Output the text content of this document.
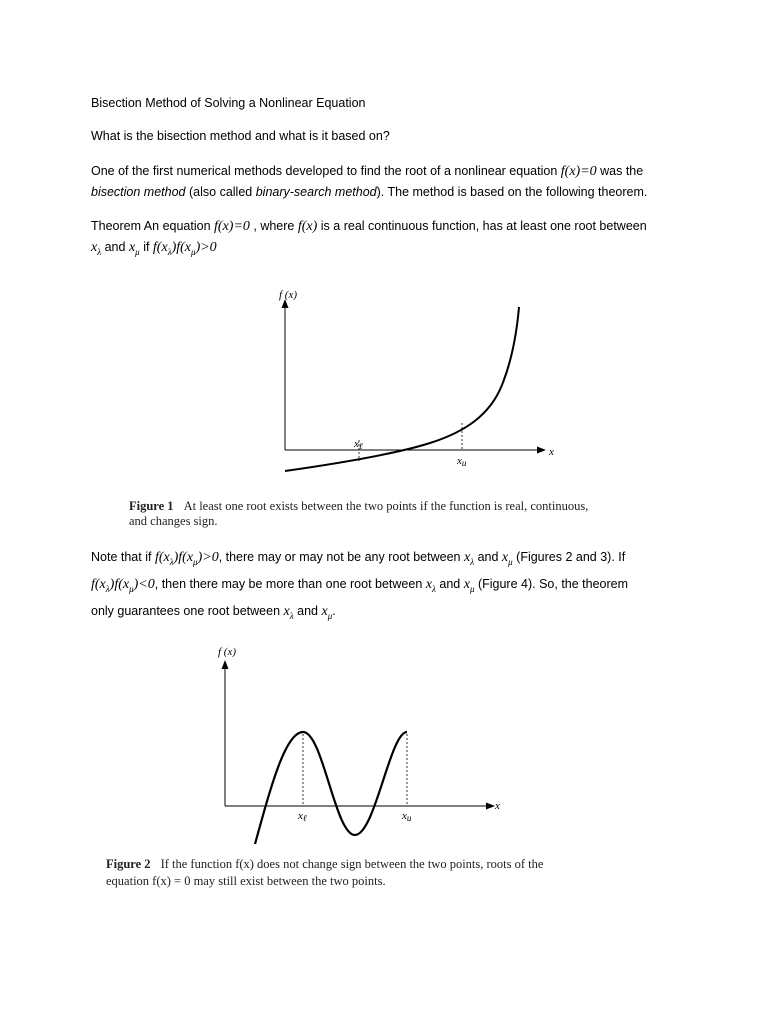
Bisection Method of Solving a Nonlinear Equation

What is the bisection method and what is it based on?

One of the first numerical methods developed to find the root of a nonlinear equation f(x)=0 was the
bisection method (also called binary-search method). The method is based on the following theorem.

Theorem An equation f(x)=0 , where f(x) is a real continuous function, has at least one root between
$x_\lambda$ and $x_\mu$ if $f(x_\lambda)f(x_\mu)>0$

f (x)
x
xℓ
xu
Figure 1 At least one root exists between the two points if the function is real, continuous,
and changes sign.

Note that if $f(x_\lambda)f(x_\mu)>0$, there may or may not be any root between $x_\lambda$ and $x_\mu$ (Figures 2 and 3). If
$f(x_\lambda)f(x_\mu)<0$, then there may be more than one root between $x_\lambda$ and $x_\mu$ (Figure 4). So, the theorem
only guarantees one root between $x_\lambda$ and $x_\mu$.

f (x)
x
xℓ	xu
Figure 2 If the function f(x) does not change sign between the two points, roots of the
equation f(x) = 0 may still exist between the two points.
